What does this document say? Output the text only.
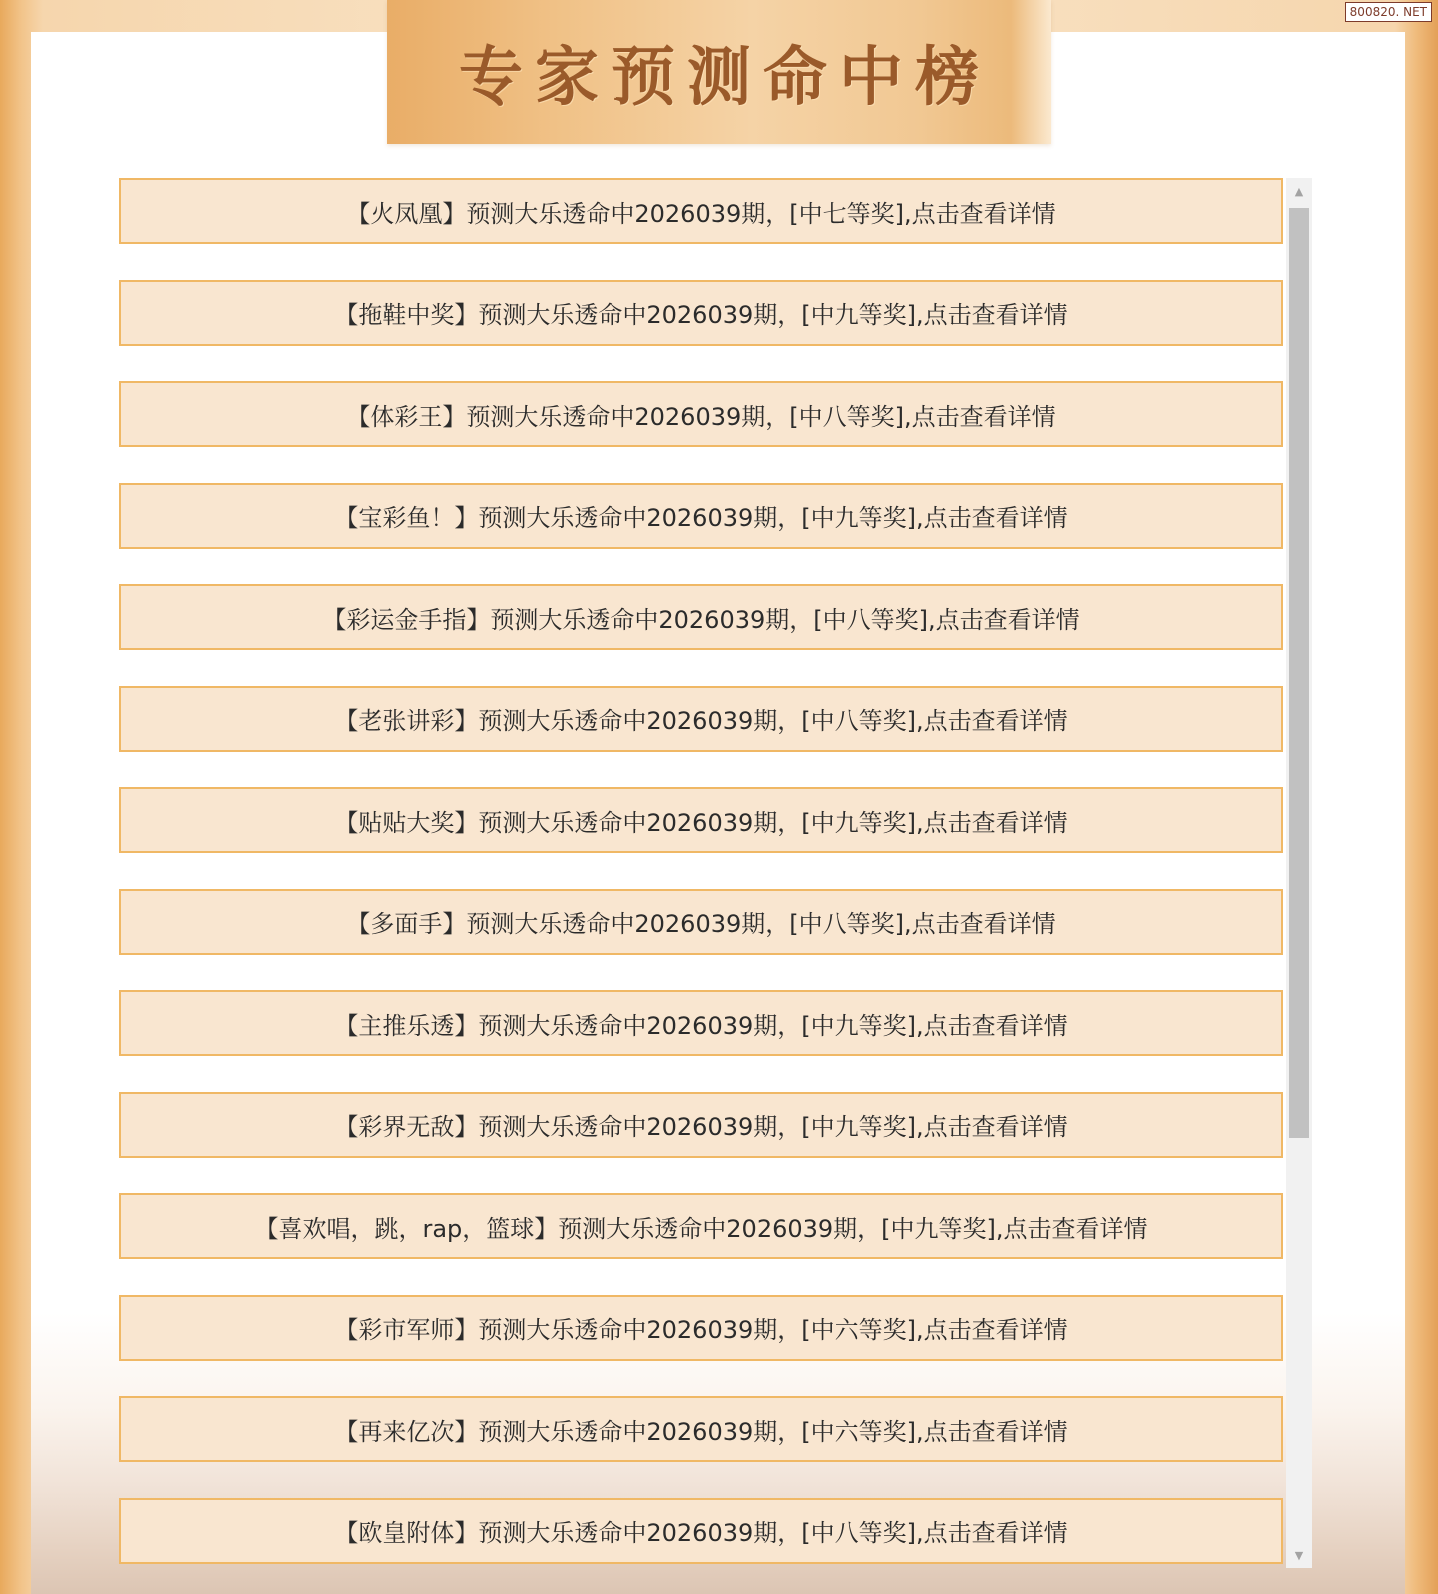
专家预测命中榜
800820. NET
【火凤凰】预测大乐透命中2026039期，[中七等奖],点击查看详情
【拖鞋中奖】预测大乐透命中2026039期，[中九等奖],点击查看详情
【体彩王】预测大乐透命中2026039期，[中八等奖],点击查看详情
【宝彩鱼！】预测大乐透命中2026039期，[中九等奖],点击查看详情
【彩运金手指】预测大乐透命中2026039期，[中八等奖],点击查看详情
【老张讲彩】预测大乐透命中2026039期，[中八等奖],点击查看详情
【贴贴大奖】预测大乐透命中2026039期，[中九等奖],点击查看详情
【多面手】预测大乐透命中2026039期，[中八等奖],点击查看详情
【主推乐透】预测大乐透命中2026039期，[中九等奖],点击查看详情
【彩界无敌】预测大乐透命中2026039期，[中九等奖],点击查看详情
【喜欢唱，跳，rap，篮球】预测大乐透命中2026039期，[中九等奖],点击查看详情
【彩市军师】预测大乐透命中2026039期，[中六等奖],点击查看详情
【再来亿次】预测大乐透命中2026039期，[中六等奖],点击查看详情
【欧皇附体】预测大乐透命中2026039期，[中八等奖],点击查看详情
▲
▼
